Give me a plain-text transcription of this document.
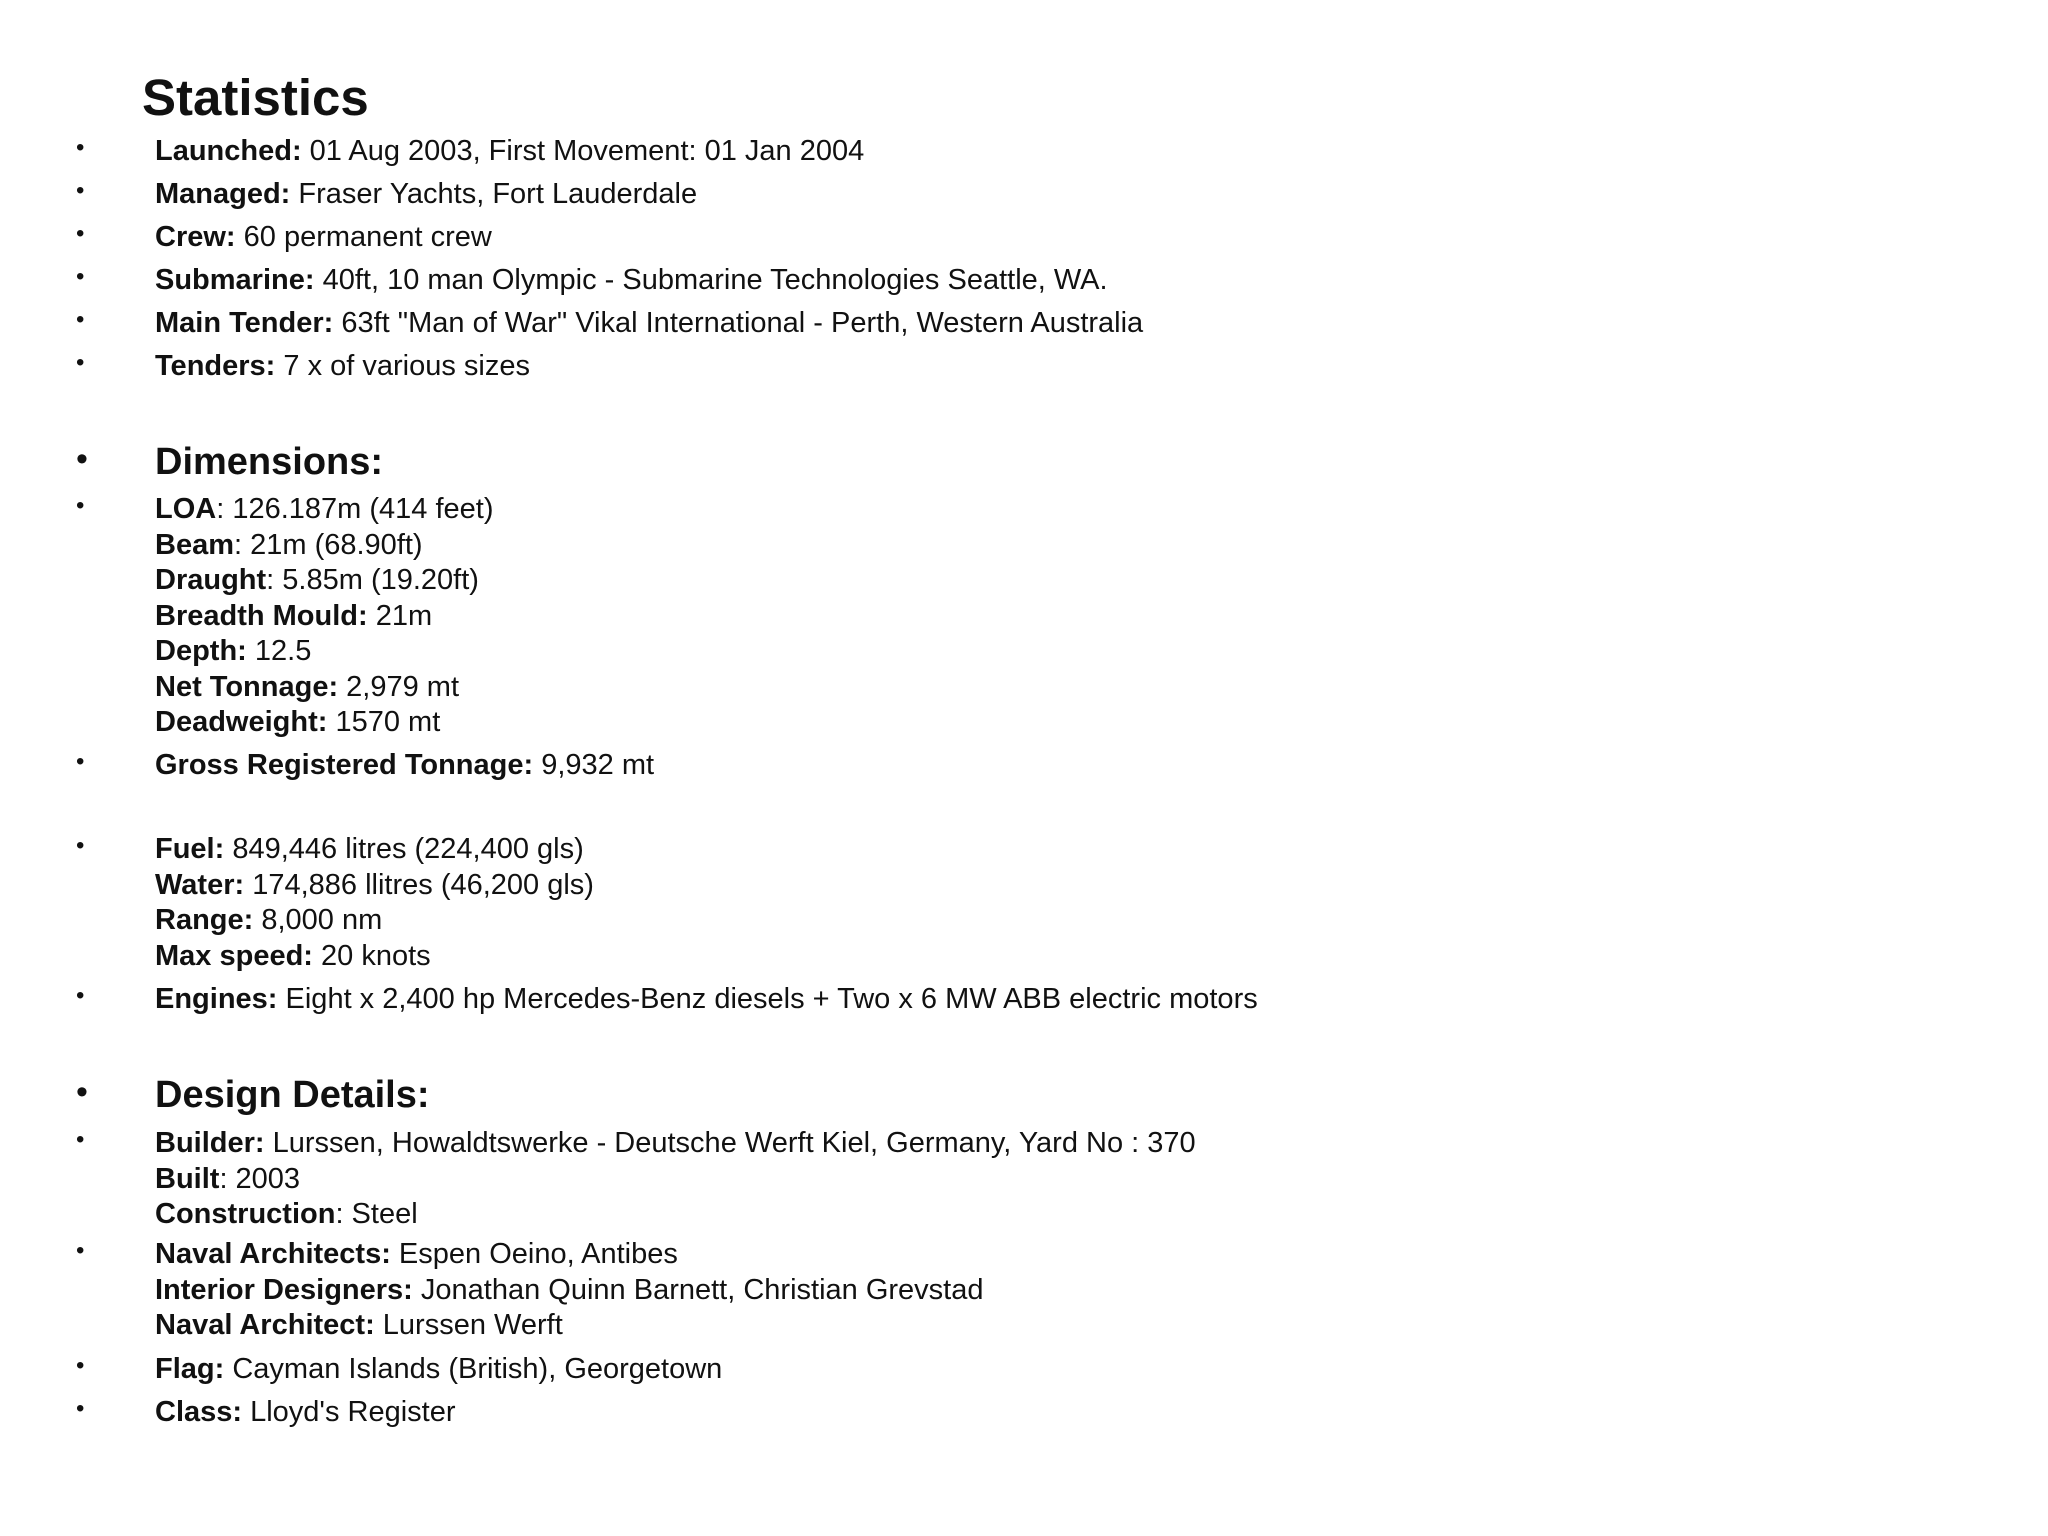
Statistics
• Launched: 01 Aug 2003, First Movement: 01 Jan 2004
• Managed: Fraser Yachts, Fort Lauderdale
• Crew: 60 permanent crew
• Submarine: 40ft, 10 man Olympic - Submarine Technologies Seattle, WA.
• Main Tender: 63ft "Man of War" Vikal International - Perth, Western Australia
• Tenders: 7 x of various sizes
• Dimensions:
• LOA: 126.187m (414 feet)
Beam: 21m (68.90ft)
Draught: 5.85m (19.20ft)
Breadth Mould: 21m
Depth: 12.5
Net Tonnage: 2,979 mt
Deadweight: 1570 mt
• Gross Registered Tonnage: 9,932 mt
• Fuel: 849,446 litres (224,400 gls)
Water: 174,886 llitres (46,200 gls)
Range: 8,000 nm
Max speed: 20 knots
• Engines: Eight x 2,400 hp Mercedes-Benz diesels + Two x 6 MW ABB electric motors
• Design Details:
• Builder: Lurssen, Howaldtswerke - Deutsche Werft Kiel, Germany, Yard No : 370
Built: 2003
Construction: Steel
• Naval Architects: Espen Oeino, Antibes
Interior Designers: Jonathan Quinn Barnett, Christian Grevstad
Naval Architect: Lurssen Werft
• Flag: Cayman Islands (British), Georgetown
• Class: Lloyd's Register
